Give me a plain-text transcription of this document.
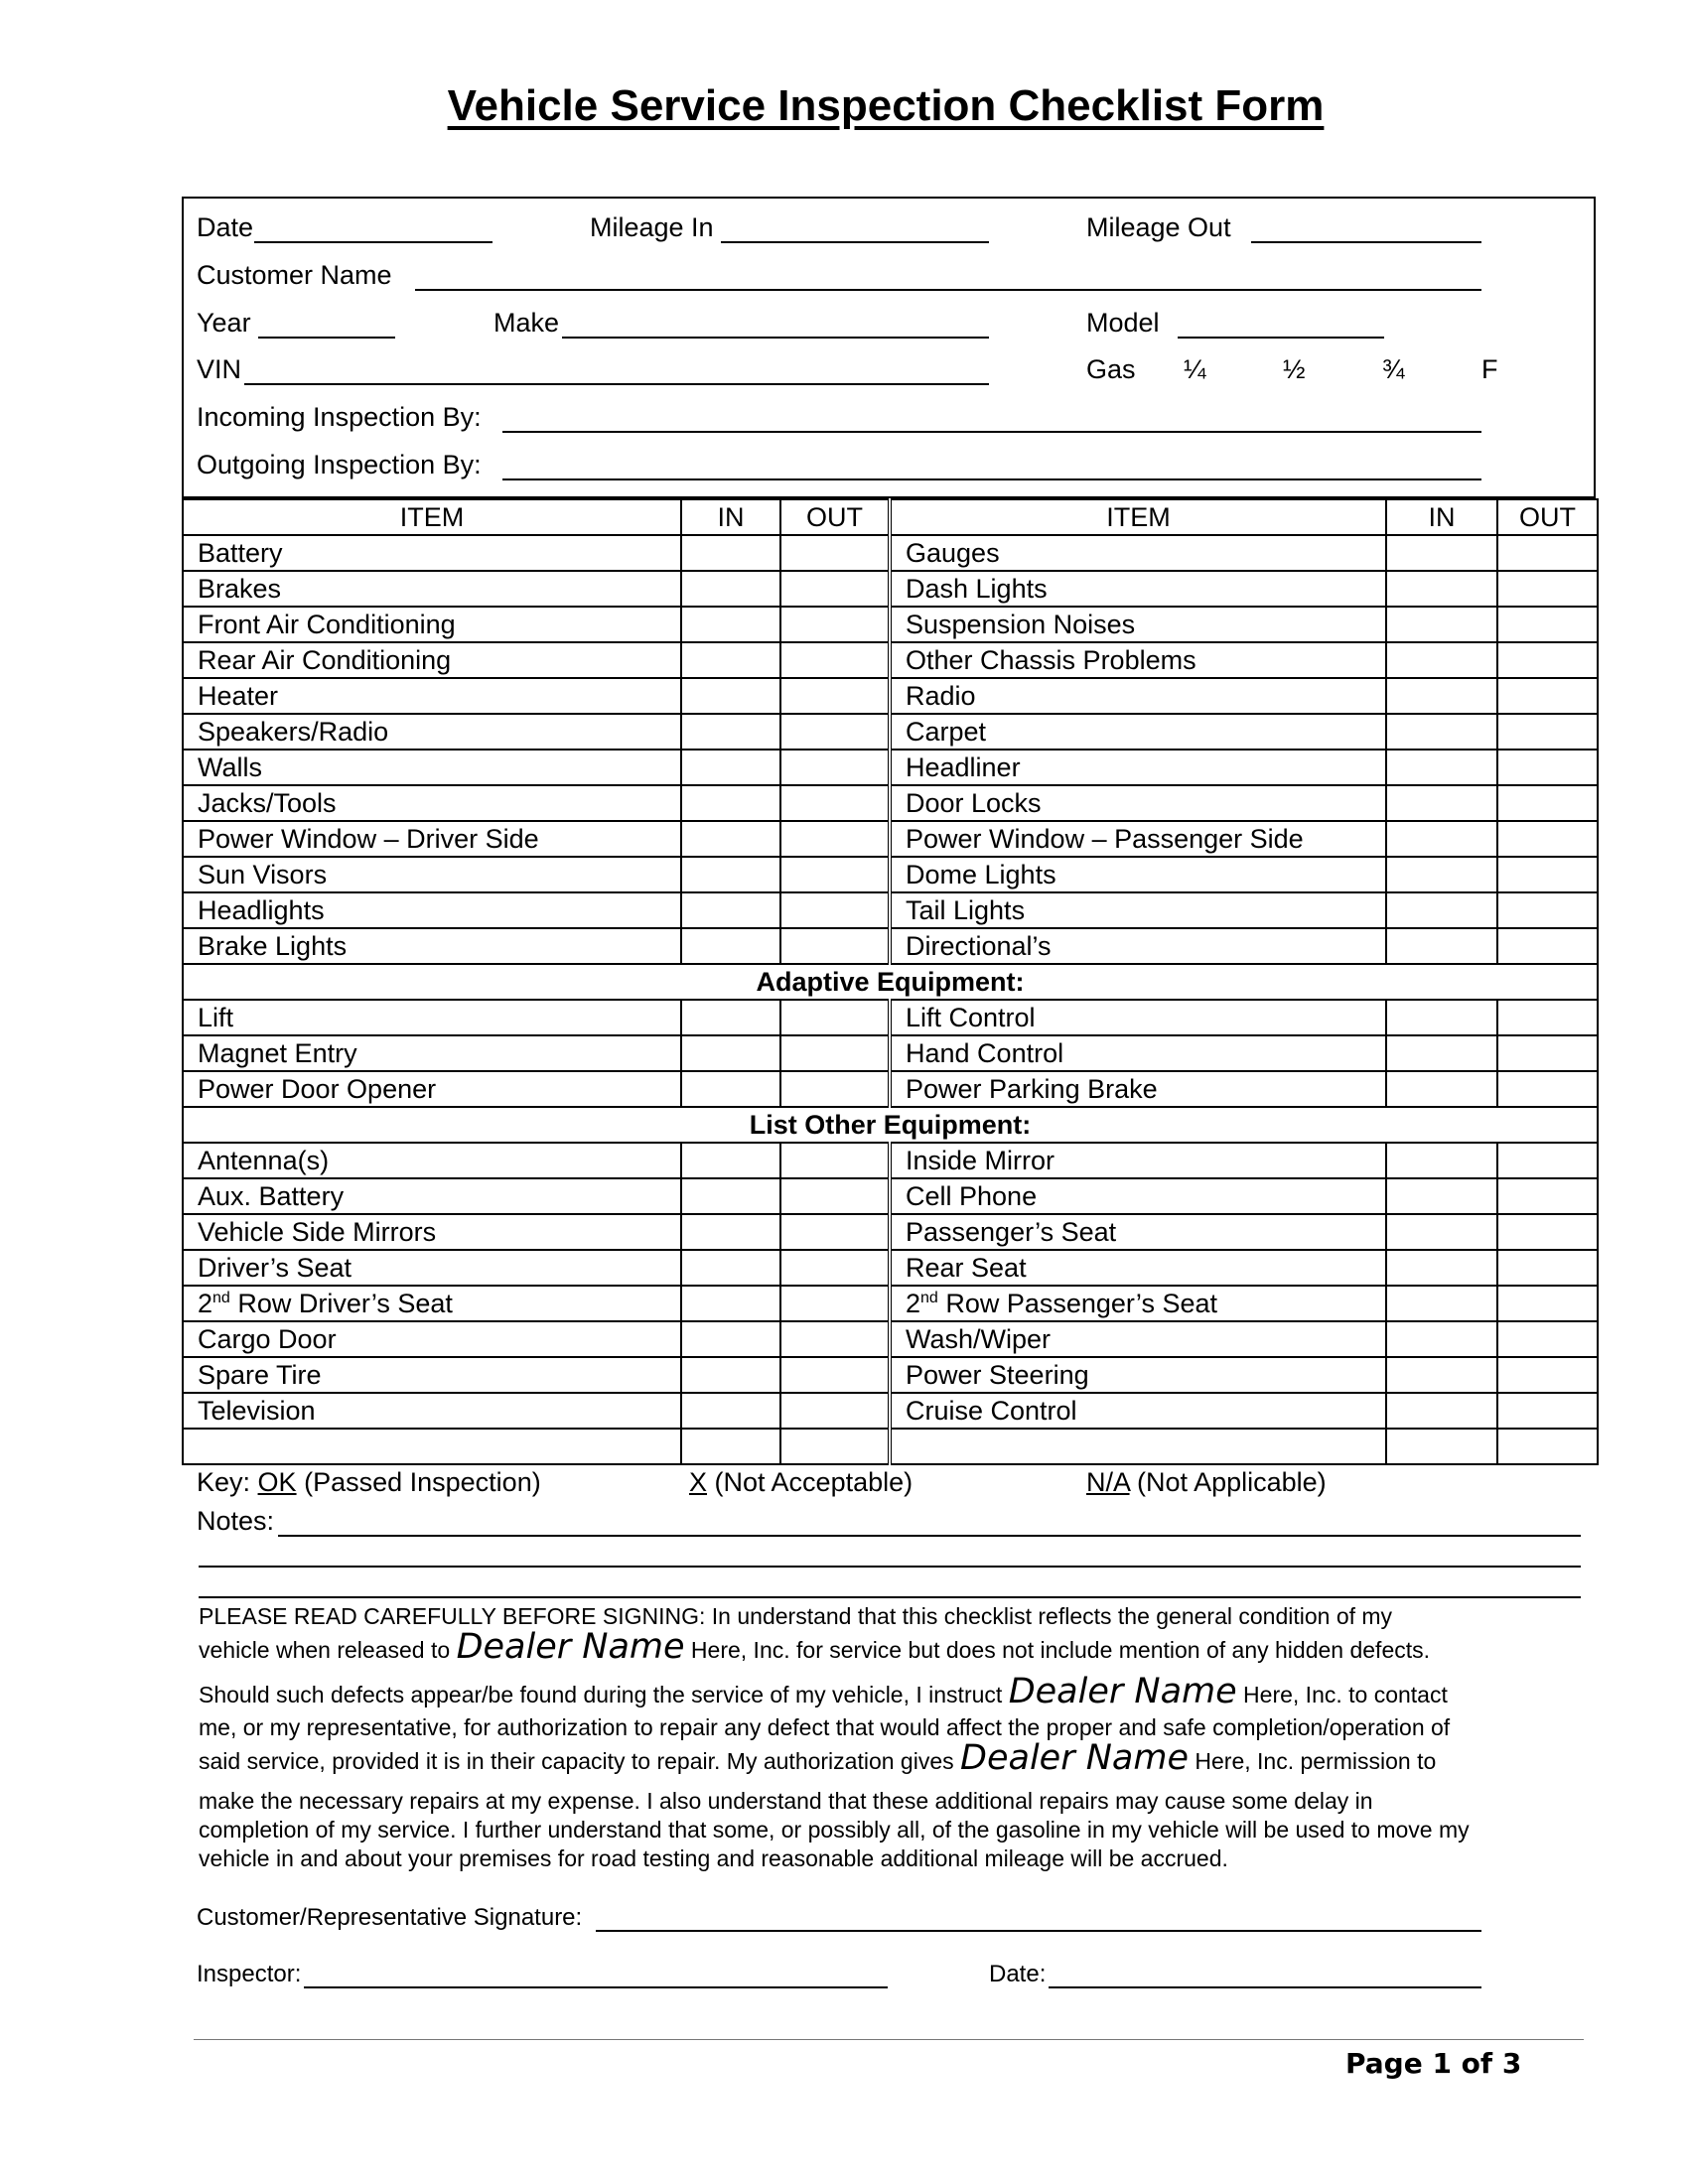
Vehicle Service Inspection Checklist Form
Date	Mileage In	Mileage Out
Customer Name
Year	Make	Model
VIN	Gas ¼	½	¾	F
Incoming Inspection By:
Outgoing Inspection By:
ITEM	IN	OUT	ITEM	IN	OUT
Battery			Gauges		
Brakes			Dash Lights		
Front Air Conditioning			Suspension Noises		
Rear Air Conditioning			Other Chassis Problems		
Heater			Radio		
Speakers/Radio			Carpet		
Walls			Headliner		
Jacks/Tools			Door Locks		
Power Window – Driver Side			Power Window – Passenger Side		
Sun Visors			Dome Lights		
Headlights			Tail Lights		
Brake Lights			Directional’s		
Adaptive Equipment:					
Lift			Lift Control		
Magnet Entry			Hand Control		
Power Door Opener			Power Parking Brake		
List Other Equipment:					
Antenna(s)			Inside Mirror		
Aux. Battery			Cell Phone		
Vehicle Side Mirrors			Passenger’s Seat		
Driver’s Seat			Rear Seat		
2nd Row Driver’s Seat			2nd Row Passenger’s Seat		
Cargo Door			Wash/Wiper		
Spare Tire			Power Steering		
Television			Cruise Control		

Key: OK (Passed Inspection)	X (Not Acceptable)	N/A (Not Applicable)
Notes:
PLEASE READ CAREFULLY BEFORE SIGNING: In understand that this checklist reflects the general condition of my
vehicle when released to Dealer Name Here, Inc. for service but does not include mention of any hidden defects.
Should such defects appear/be found during the service of my vehicle, I instruct Dealer Name Here, Inc. to contact
me, or my representative, for authorization to repair any defect that would affect the proper and safe completion/operation of
said service, provided it is in their capacity to repair. My authorization gives Dealer Name Here, Inc. permission to
make the necessary repairs at my expense. I also understand that these additional repairs may cause some delay in
completion of my service. I further understand that some, or possibly all, of the gasoline in my vehicle will be used to move my
vehicle in and about your premises for road testing and reasonable additional mileage will be accrued.
Customer/Representative Signature:
Inspector:	Date:
Page 1 of 3
